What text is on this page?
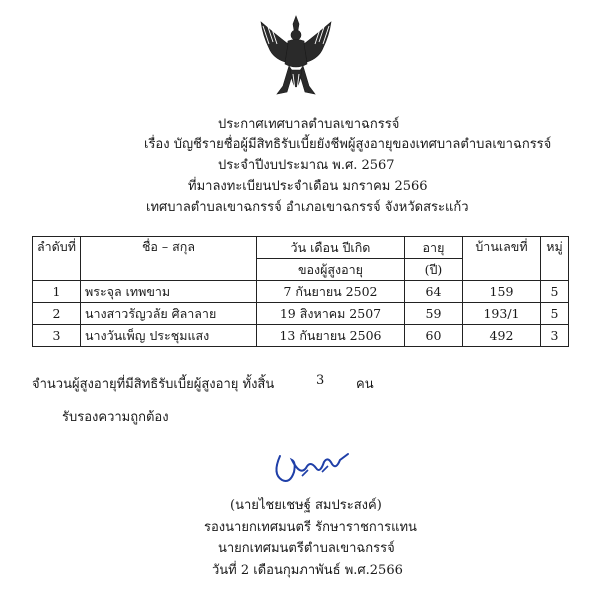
ประกาศเทศบาลตำบลเขาฉกรรจ์
เรื่อง บัญชีรายชื่อผู้มีสิทธิรับเบี้ยยังชีพผู้สูงอายุของเทศบาลตำบลเขาฉกรรจ์
ประจำปีงบประมาณ พ.ศ. 2567
ที่มาลงทะเบียนประจำเดือน มกราคม 2566
เทศบาลตำบลเขาฉกรรจ์ อำเภอเขาฉกรรจ์ จังหวัดสระแก้ว
ลำดับที่	ชื่อ – สกุล	วัน เดือน ปีเกิด	อายุ	บ้านเลขที่	หมู่
		ของผู้สูงอายุ	(ปี)		
1	พระจุล เทพขาม	7 กันยายน 2502	64	159	5
2	นางสาวรัญวลัย ศิลาลาย	19 สิงหาคม 2507	59	193/1	5
3	นางวันเพ็ญ ประชุมแสง	13 กันยายน 2506	60	492	3
จำนวนผู้สูงอายุที่มีสิทธิรับเบี้ยผู้สูงอายุ ทั้งสิ้น	3 คน
รับรองความถูกต้อง
(นายไชยเชษฐ์ สมประสงค์)
รองนายกเทศมนตรี รักษาราชการแทน
นายกเทศมนตรีตำบลเขาฉกรรจ์
วันที่ 2 เดือนกุมภาพันธ์ พ.ศ.2566
